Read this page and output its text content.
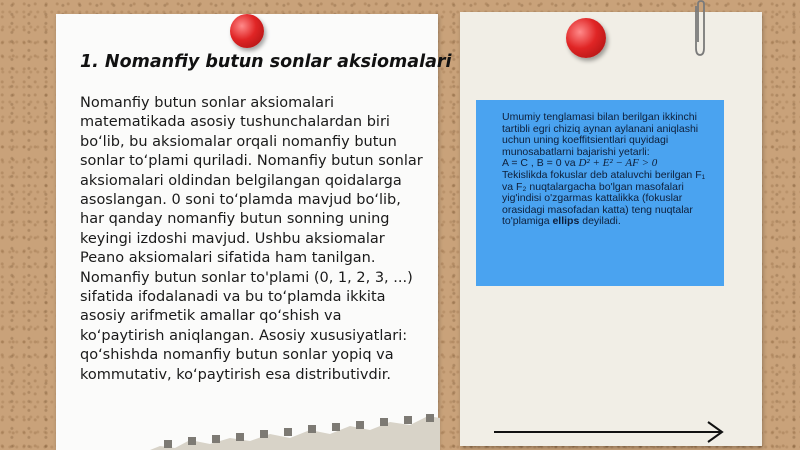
1. Nomanfiy butun sonlar aksiomalari

Nomanfiy butun sonlar aksiomalari matematikada asosiy tushunchalardan biri bo‘lib, bu aksiomalar orqali nomanfiy butun sonlar to‘plami quriladi. Nomanfiy butun sonlar aksiomalari oldindan belgilangan qoidalarga asoslangan. 0 soni to‘plamda mavjud bo‘lib, har qanday nomanfiy butun sonning uning keyingi izdoshi mavjud. Ushbu aksiomalar Peano aksiomalari sifatida ham tanilgan. Nomanfiy butun sonlar to'plami (0, 1, 2, 3, ...) sifatida ifodalanadi va bu to‘plamda ikkita asosiy arifmetik amallar qo‘shish va ko‘paytirish aniqlangan. Asosiy xususiyatlari: qo‘shishda nomanfiy butun sonlar yopiq va kommutativ, ko‘paytirish esa distributivdir.

Umumiy tenglamasi bilan berilgan ikkinchi tartibli egri chiziq aynan aylanani aniqlashi uchun uning koeffitsientlari quyidagi munosabatlarni bajarishi yetarli:

A = C , B = 0 va D² + E² − AF > 0

Tekislikda fokuslar deb ataluvchi berilgan F₁ va F₂ nuqtalargacha bo'lgan masofalari yig'indisi o'zgarmas kattalikka (fokuslar orasidagi masofadan katta) teng nuqtalar to'plamiga ellips deyiladi.
